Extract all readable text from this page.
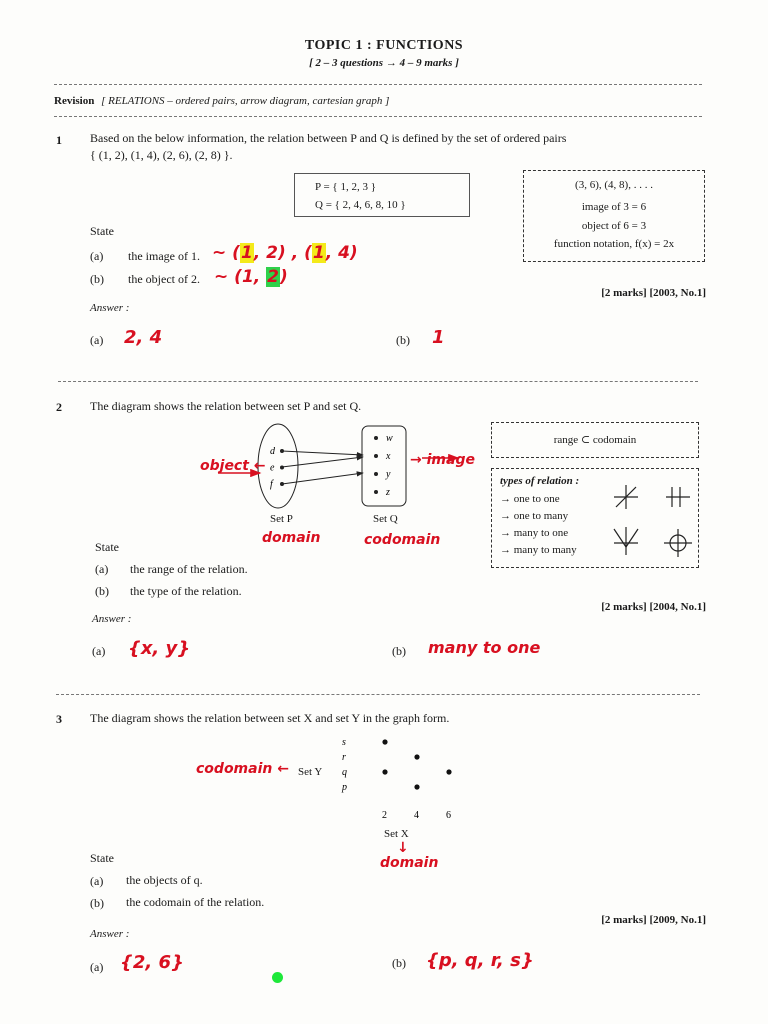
TOPIC 1 : FUNCTIONS
[ 2 – 3 questions → 4 – 9 marks ]
Revision [ RELATIONS – ordered pairs, arrow diagram, cartesian graph ]
1 Based on the below information, the relation between P and Q is defined by the set of ordered pairs
{ (1, 2), (1, 4), (2, 6), (2, 8) }.
P = { 1, 2, 3 }
Q = { 2, 4, 6, 8, 10 }
(3, 6), (4, 8), . . . .
image of 3 = 6
object of 6 = 3
function notation, f(x) = 2x
State
(a) the image of 1. ~ (1, 2) , (1, 4)
(b) the object of 2. ~ (1, 2)
Answer :
[2 marks] [2003, No.1]
(a) 2, 4	(b) 1
2 The diagram shows the relation between set P and set Q.
d
e
f
w
x
y
z
object ←	→ image
Set P	Set Q
domain	codomain
range ⊂ codomain
types of relation :
→ one to one
→ one to many
→ many to one
→ many to many
State
(a) the range of the relation.
(b) the type of the relation.
Answer :
[2 marks] [2004, No.1]
(a) {x, y}	(b) many to one
3 The diagram shows the relation between set X and set Y in the graph form.
s
r
q
p
2	4	6
codomain ← Set Y
Set X
↓
domain
State
(a) the objects of q.
(b) the codomain of the relation.
Answer :
[2 marks] [2009, No.1]
(a) {2, 6}	(b) {p, q, r, s}
